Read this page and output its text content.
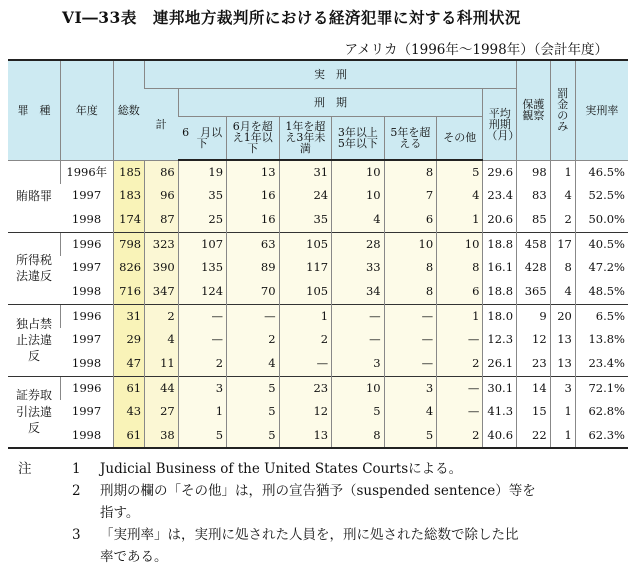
VI―33表　連邦地方裁判所における経済犯罪に対する科刑状況
アメリカ（1996年～1998年）（会計年度）
罪　種	年度	総数	実　刑								保護観察	罰金のみ	実刑率
			計	刑　期						平均刑期（月）			
				6　月以　下	6月を超え1年以下	1年を超え3年未満	3年以上5年以下	5年を超える	その他				
賄賂罪	1996年	185	86	19	13	31	10	8	5	29.6	98	1	46.5%
	1997	183	96	35	16	24	10	7	4	23.4	83	4	52.5%
	1998	174	87	25	16	35	4	6	1	20.6	85	2	50.0%
所得税法違反	1996	798	323	107	63	105	28	10	10	18.8	458	17	40.5%
	1997	826	390	135	89	117	33	8	8	16.1	428	8	47.2%
	1998	716	347	124	70	105	34	8	6	18.8	365	4	48.5%
独占禁止法違反	1996	31	2	—	—	1	—	—	1	18.0	9	20	6.5%
	1997	29	4	—	2	2	—	—	—	12.3	12	13	13.8%
	1998	47	11	2	4	—	3	—	2	26.1	23	13	23.4%
証券取引法違反	1996	61	44	3	5	23	10	3	—	30.1	14	3	72.1%
	1997	43	27	1	5	12	5	4	—	41.3	15	1	62.8%
	1998	61	38	5	5	13	8	5	2	40.6	22	1	62.3%
注	1 Judicial Business of the United States Courtsによる。
2 刑期の欄の「その他」は，刑の宣告猶予（suspended sentence）等を
指す。
3 「実刑率」は，実刑に処された人員を，刑に処された総数で除した比
率である。
